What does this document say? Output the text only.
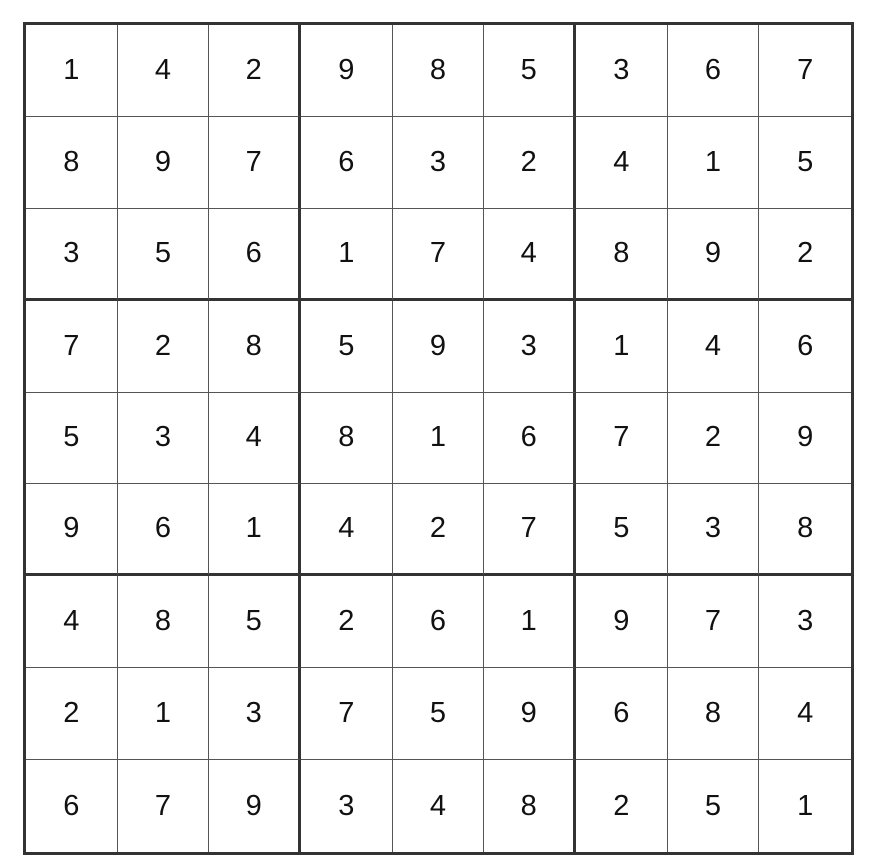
1	4	2	9	8	5	3	6	7
8	9	7	6	3	2	4	1	5
3	5	6	1	7	4	8	9	2
7	2	8	5	9	3	1	4	6
5	3	4	8	1	6	7	2	9
9	6	1	4	2	7	5	3	8
4	8	5	2	6	1	9	7	3
2	1	3	7	5	9	6	8	4
6	7	9	3	4	8	2	5	1
